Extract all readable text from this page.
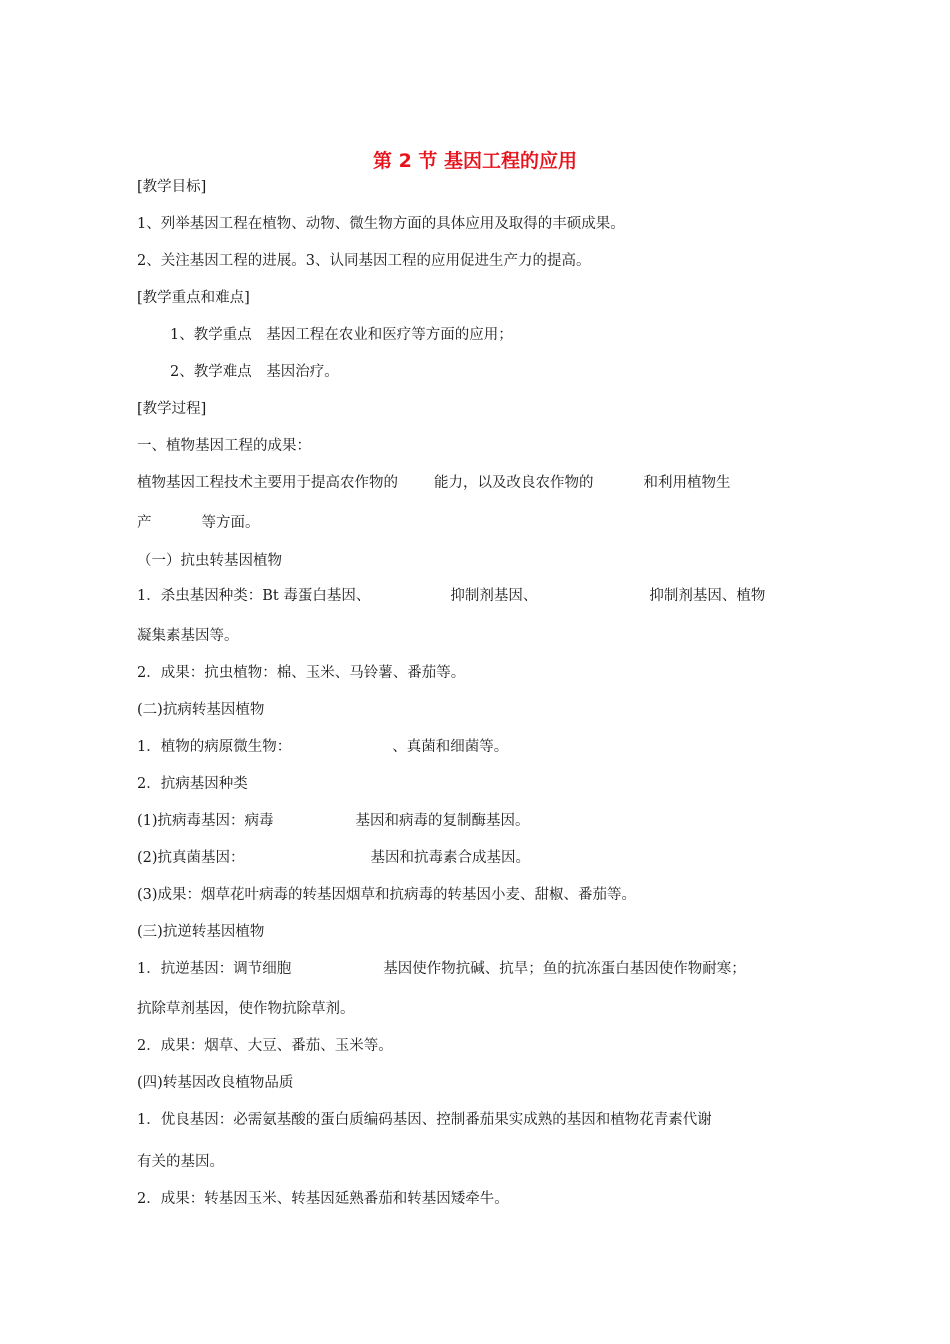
第 2 节 基因工程的应用
[教学目标]
1、列举基因工程在植物、动物、微生物方面的具体应用及取得的丰硕成果。
2、关注基因工程的进展。3、认同基因工程的应用促进生产力的提高。
[教学重点和难点]
1、教学重点　基因工程在农业和医疗等方面的应用；
2、教学难点　基因治疗。
[教学过程]
一、植物基因工程的成果：
植物基因工程技术主要用于提高农作物的 能力，以及改良农作物的	和利用植物生
产	等方面。
（一）抗虫转基因植物
1．杀虫基因种类：Bt 毒蛋白基因、	抑制剂基因、	抑制剂基因、植物
凝集素基因等。
2．成果：抗虫植物：棉、玉米、马铃薯、番茄等。
(二)抗病转基因植物
1．植物的病原微生物：	、真菌和细菌等。
2．抗病基因种类
(1)抗病毒基因：病毒	基因和病毒的复制酶基因。
(2)抗真菌基因：	基因和抗毒素合成基因。
(3)成果：烟草花叶病毒的转基因烟草和抗病毒的转基因小麦、甜椒、番茄等。
(三)抗逆转基因植物
1．抗逆基因：调节细胞	基因使作物抗碱、抗旱；鱼的抗冻蛋白基因使作物耐寒；
抗除草剂基因，使作物抗除草剂。
2．成果：烟草、大豆、番茄、玉米等。
(四)转基因改良植物品质
1．优良基因：必需氨基酸的蛋白质编码基因、控制番茄果实成熟的基因和植物花青素代谢
有关的基因。
2．成果：转基因玉米、转基因延熟番茄和转基因矮牵牛。
